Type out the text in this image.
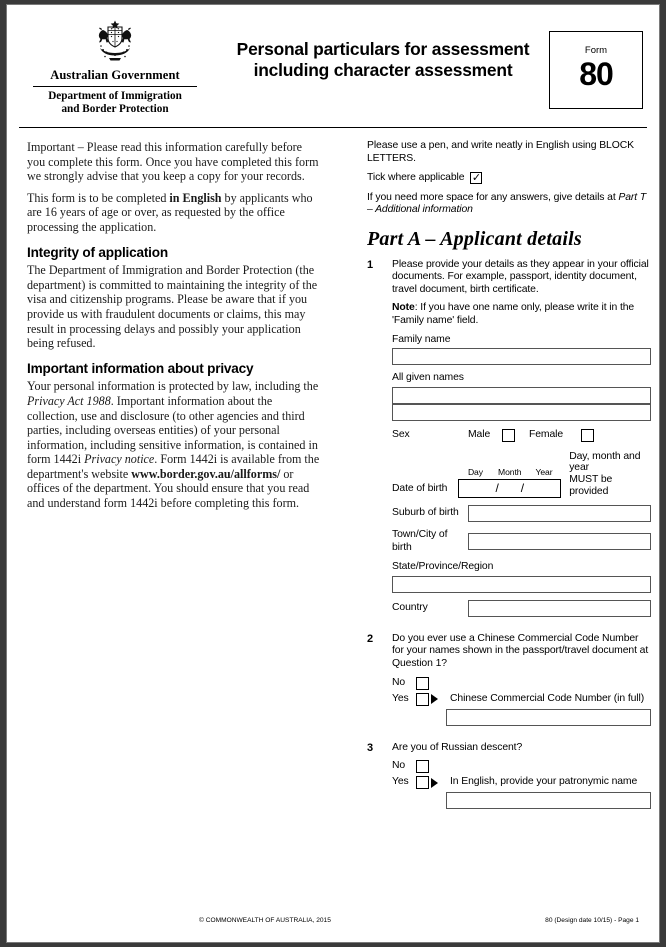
Australian Government
Department of Immigration
and Border Protection
Personal particulars for assessment
including character assessment
Form
80

Important – Please read this information carefully before you complete this form. Once you have completed this form we strongly advise that you keep a copy for your records.

This form is to be completed in English by applicants who are 16 years of age or over, as requested by the office processing the application.

Integrity of application

The Department of Immigration and Border Protection (the department) is committed to maintaining the integrity of the visa and citizenship programs. Please be aware that if you provide us with fraudulent documents or claims, this may result in processing delays and possibly your application being refused.

Important information about privacy

Your personal information is protected by law, including the Privacy Act 1988. Important information about the collection, use and disclosure (to other agencies and third parties, including overseas entities) of your personal information, including sensitive information, is contained in form 1442i Privacy notice. Form 1442i is available from the department's website www.border.gov.au/allforms/ or offices of the department. You should ensure that you read and understand form 1442i before completing this form.

Please use a pen, and write neatly in English using BLOCK LETTERS.
Tick where applicable ✓
If you need more space for any answers, give details at Part T – Additional information
Part A – Applicant details
1	Please provide your details as they appear in your official documents. For example, passport, identity document, travel document, birth certificate.
Note: If you have one name only, please write it in the 'Family name' field.
Family name
All given names
Sex	Male	Female
Date of birth
Day	Month	Year
/ /
Day, month and year
MUST be provided
Suburb of birth
Town/City of birth
State/Province/Region
Country
2	Do you ever use a Chinese Commercial Code Number for your names shown in the passport/travel document at Question 1?
No
Yes	Chinese Commercial Code Number (in full)
3	Are you of Russian descent?
No
Yes	In English, provide your patronymic name
© COMMONWEALTH OF AUSTRALIA, 2015	80 (Design date 10/15) - Page 1
